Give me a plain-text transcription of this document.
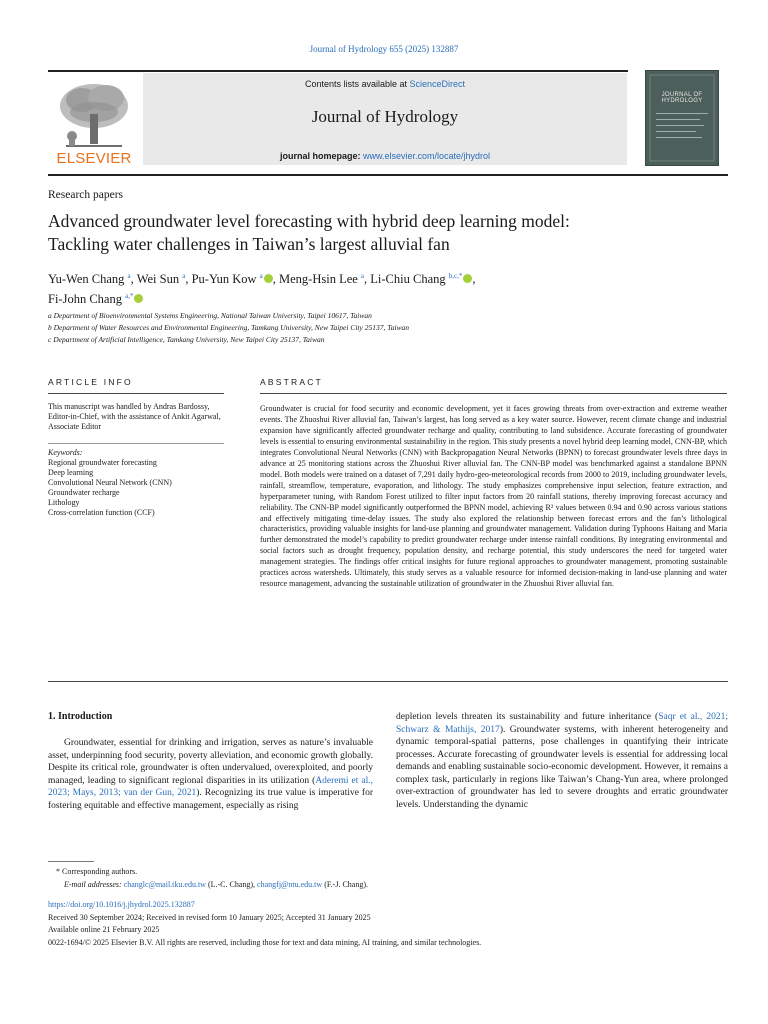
Journal of Hydrology 655 (2025) 132887
ELSEVIER
Contents lists available at ScienceDirect
Journal of Hydrology
journal homepage: www.elsevier.com/locate/jhydrol
JOURNAL OF HYDROLOGY
Research papers
Advanced groundwater level forecasting with hybrid deep learning model:
Tackling water challenges in Taiwan’s largest alluvial fan
Yu-Wen Chang $^a$, Wei Sun $^a$, Pu-Yun Kow $^a$ , Meng-Hsin Lee $^a$, Li-Chiu Chang $^{b,c,*}$ ,
Fi-John Chang $^{a,*}$
a Department of Bioenvironmental Systems Engineering, National Taiwan University, Taipei 10617, Taiwan
b Department of Water Resources and Environmental Engineering, Tamkang University, New Taipei City 25137, Taiwan
c Department of Artificial Intelligence, Tamkang University, New Taipei City 25137, Taiwan
ARTICLE INFO	ABSTRACT
This manuscript was handled by Andras Bardossy, Editor-in-Chief, with the assistance of Ankit Agarwal, Associate Editor
Keywords:
Regional groundwater forecasting
Deep learning
Convolutional Neural Network (CNN)
Groundwater recharge
Lithology
Cross-correlation function (CCF)
Groundwater is crucial for food security and economic development, yet it faces growing threats from over-extraction and extreme weather events. The Zhuoshui River alluvial fan, Taiwan’s largest, has long served as a key water source. However, recent climate change and industrial expansion have significantly affected groundwater recharge and quality, contributing to land subsidence. Accurate forecasting of groundwater levels is essential to ensuring environmental sustainability in the region. This study presents a novel hybrid deep learning model, CNN-BP, which integrates Convolutional Neural Networks (CNN) with Backpropagation Neural Networks (BPNN) to forecast groundwater levels three days in advance at 25 monitoring stations across the Zhuoshui River alluvial fan. The CNN-BP model was benchmarked against a standalone BPNN model. Both models were trained on a dataset of 7,291 daily hydro-geo-meteorological records from 2000 to 2019, including groundwater levels, rainfall, streamflow, temperature, evaporation, and lithology. The study emphasizes comprehensive input selection, feature extraction, and hyperparameter tuning, with Random Forest utilized to filter input factors from 20 rainfall stations, thereby improving forecast accuracy and reliability. The CNN-BP model significantly outperformed the BPNN model, achieving R² values between 0.94 and 0.90 across various stations and effectively mitigating time-delay issues. The study also explored the relationship between forecast errors and the fan’s lithological characteristics, providing valuable insights for land-use planning and groundwater management. Validation during Typhoons Haitang and Maria further demonstrated the model’s capability to predict groundwater recharge under intense rainfall conditions. By integrating environmental and social factors such as drought frequency, population density, and recharge potential, this study underscores the need for targeted water management strategies. The findings offer critical insights for future regional approaches to groundwater management, promoting sustainable practices across watersheds. Ultimately, this study serves as a valuable resource for informed decision-making in land-use planning and water resource management, advancing the sustainable utilization of groundwater in the Zhuoshui River alluvial fan.
1. Introduction
Groundwater, essential for drinking and irrigation, serves as nature’s invaluable asset, underpinning food security, poverty alleviation, and economic growth globally. Despite its critical role, groundwater is often undervalued, overexploited, and poorly managed, leading to significant regional disparities in its utilization (Aderemi et al., 2023; Mays, 2013; van der Gun, 2021). Recognizing its true value is imperative for fostering equitable and effective management, especially as rising
depletion levels threaten its sustainability and future inheritance (Saqr et al., 2021; Schwarz & Mathijs, 2017). Groundwater systems, with inherent heterogeneity and dynamic temporal-spatial patterns, pose challenges in quantifying their intricate processes. Accurate forecasting of groundwater levels is essential for addressing local demands and enabling sustainable socio-economic development. However, it remains a complex task, particularly in regions like Taiwan’s Chang-Yun area, where prolonged over-extraction of groundwater has led to severe droughts and erratic groundwater levels. Understanding the dynamic
* Corresponding authors.
E-mail addresses: changlc@mail.tku.edu.tw (L.-C. Chang), changfj@ntu.edu.tw (F.-J. Chang).
https://doi.org/10.1016/j.jhydrol.2025.132887
Received 30 September 2024; Received in revised form 10 January 2025; Accepted 31 January 2025
Available online 21 February 2025
0022-1694/© 2025 Elsevier B.V. All rights are reserved, including those for text and data mining, AI training, and similar technologies.
